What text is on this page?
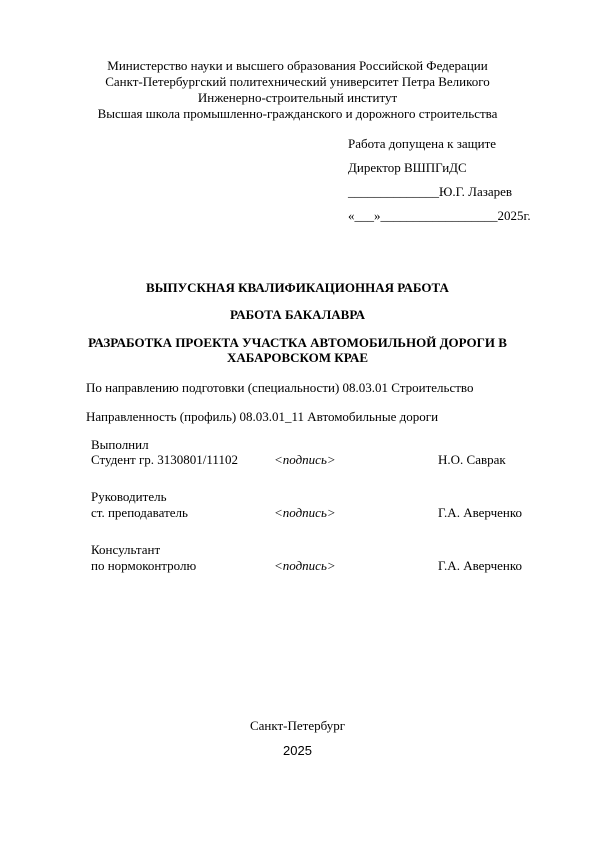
Министерство науки и высшего образования Российской Федерации
Санкт-Петербургский политехнический университет Петра Великого
Инженерно-строительный институт
Высшая школа промышленно-гражданского и дорожного строительства
Работа допущена к защите
Директор ВШПГиДС
______________Ю.Г. Лазарев
«___»__________________2025г.
ВЫПУСКНАЯ КВАЛИФИКАЦИОННАЯ РАБОТА
РАБОТА БАКАЛАВРА
РАЗРАБОТКА ПРОЕКТА УЧАСТКА АВТОМОБИЛЬНОЙ ДОРОГИ В
ХАБАРОВСКОМ КРАЕ
По направлению подготовки (специальности) 08.03.01 Строительство
Направленность (профиль) 08.03.01_11 Автомобильные дороги
Выполнил
Студент гр. 3130801/11102	<подпись>	Н.О. Саврак
Руководитель
ст. преподаватель	<подпись>	Г.А. Аверченко
Консультант
по нормоконтролю	<подпись>	Г.А. Аверченко
Санкт-Петербург
2025
